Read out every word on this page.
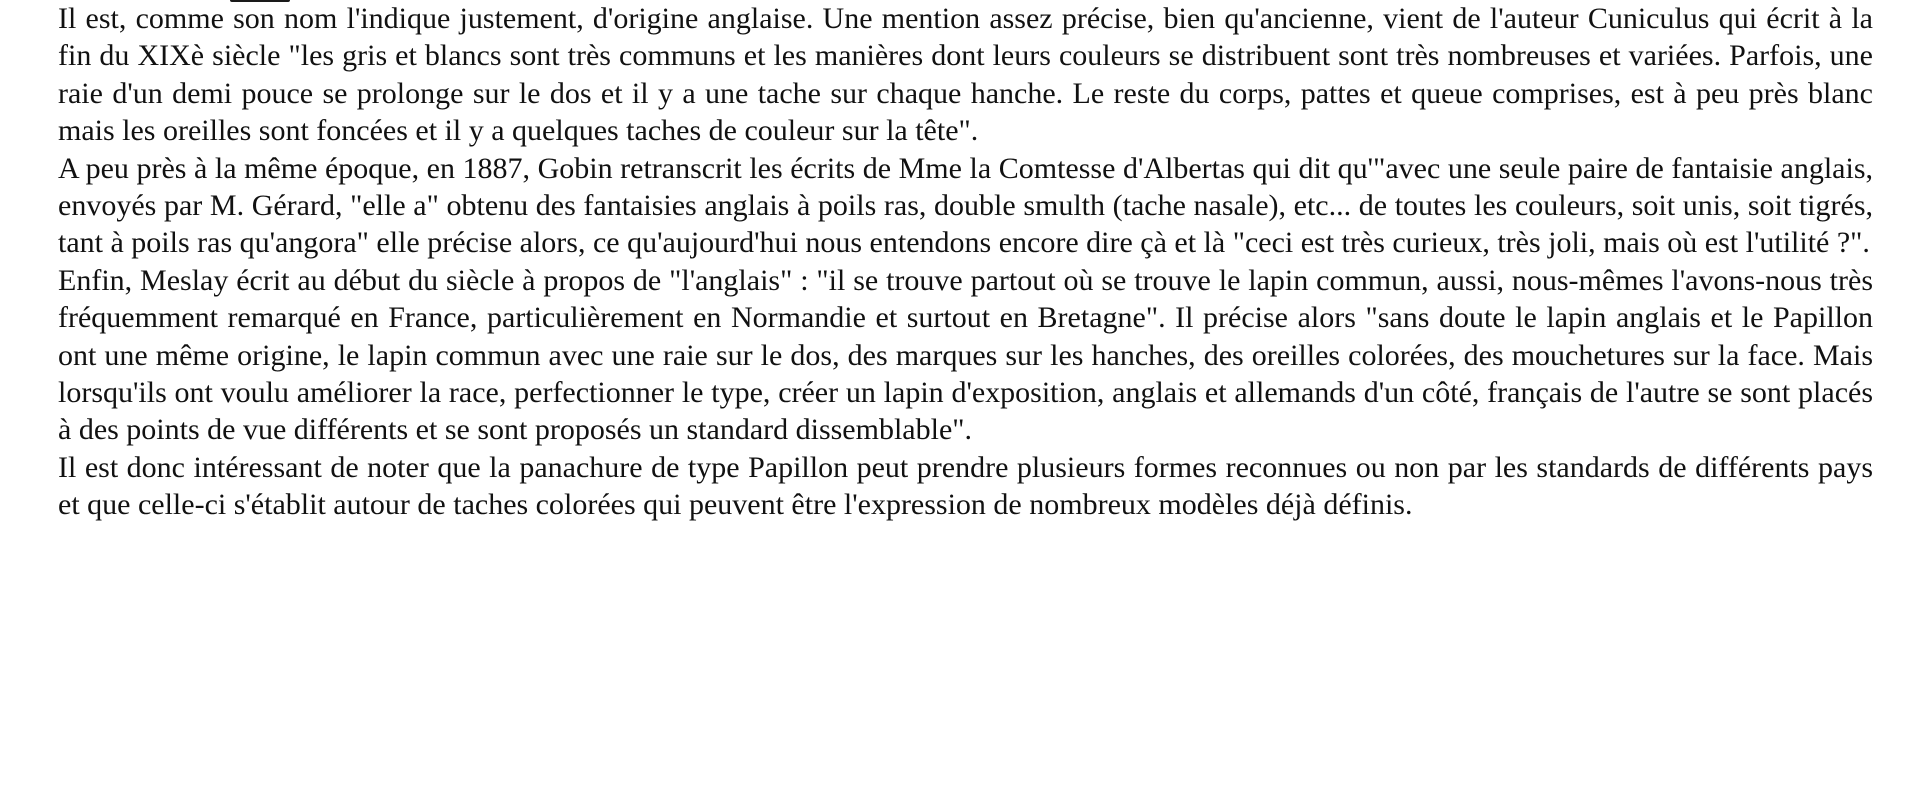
Il est, comme son nom l'indique justement, d'origine anglaise. Une mention assez précise, bien qu'ancienne, vient de l'auteur Cuniculus qui écrit à la fin du XIXè siècle "les gris et blancs sont très communs et les manières dont leurs couleurs se distribuent sont très nombreuses et variées. Parfois, une raie d'un demi pouce se prolonge sur le dos et il y a une tache sur chaque hanche. Le reste du corps, pattes et queue comprises, est à peu près blanc mais les oreilles sont foncées et il y a quelques taches de couleur sur la tête".

A peu près à la même époque, en 1887, Gobin retranscrit les écrits de Mme la Comtesse d'Albertas qui dit qu'"avec une seule paire de fantaisie anglais, envoyés par M. Gérard, "elle a" obtenu des fantaisies anglais à poils ras, double smulth (tache nasale), etc... de toutes les couleurs, soit unis, soit tigrés, tant à poils ras qu'angora" elle précise alors, ce qu'aujourd'hui nous entendons encore dire çà et là "ceci est très curieux, très joli, mais où est l'utilité ?".

Enfin, Meslay écrit au début du siècle à propos de "l'anglais" : "il se trouve partout où se trouve le lapin commun, aussi, nous-mêmes l'avons-nous très fréquemment remarqué en France, particulièrement en Normandie et surtout en Bretagne". Il précise alors "sans doute le lapin anglais et le Papillon ont une même origine, le lapin commun avec une raie sur le dos, des marques sur les hanches, des oreilles colorées, des mouchetures sur la face. Mais lorsqu'ils ont voulu améliorer la race, perfectionner le type, créer un lapin d'exposition, anglais et allemands d'un côté, français de l'autre se sont placés à des points de vue différents et se sont proposés un standard dissemblable".

Il est donc intéressant de noter que la panachure de type Papillon peut prendre plusieurs formes reconnues ou non par les standards de différents pays et que celle-ci s'établit autour de taches colorées qui peuvent être l'expression de nombreux modèles déjà définis.
